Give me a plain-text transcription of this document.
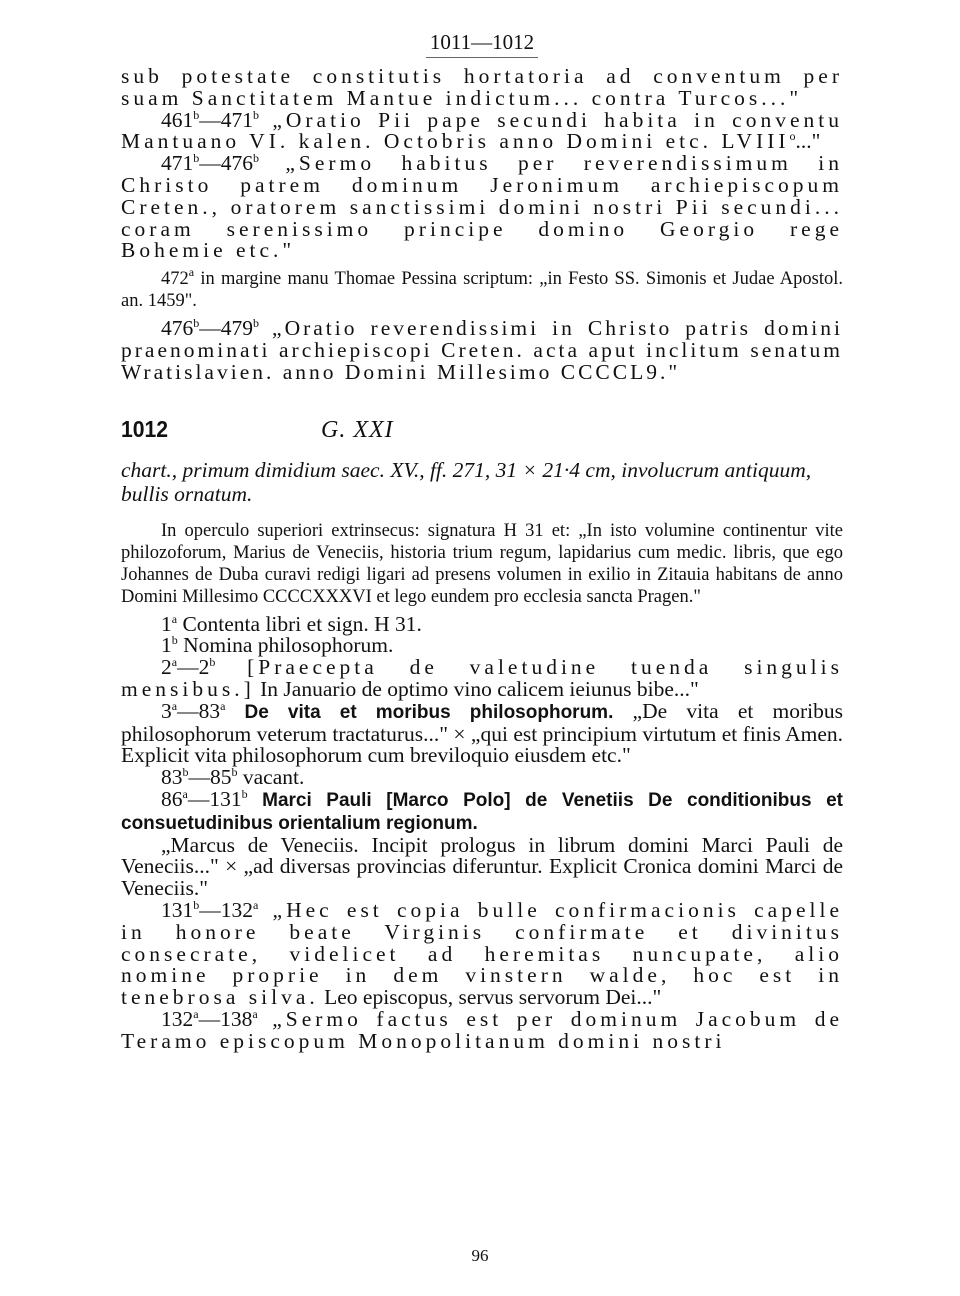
1011—1012

sub potestate constitutis hortatoria ad conventum per suam Sanctitatem Mantue indictum... contra Turcos..."

461$^b$—471$^b$ „Oratio Pii pape secundi habita in conventu Mantuano VI. kalen. Octobris anno Domini etc. LVIII$^o$..."

471$^b$—476$^b$ „Sermo habitus per reverendissimum in Christo patrem dominum Jeronimum archiepiscopum Creten., oratorem sanctissimi domini nostri Pii secundi... coram serenissimo principe domino Georgio rege Bohemie etc."

472$^a$ in margine manu Thomae Pessina scriptum: „in Festo SS. Simonis et Judae Apostol. an. 1459".

476$^b$—479$^b$ „Oratio reverendissimi in Christo patris domini praenominati archiepiscopi Creten. acta aput inclitum senatum Wratislavien. anno Domini Millesimo CCCCL9."

1012	G. XXI

chart., primum dimidium saec. XV., ff. 271, 31 × 21·4 cm, involucrum antiquum, bullis ornatum.

In operculo superiori extrinsecus: signatura H 31 et: „In isto volumine continentur vite philozoforum, Marius de Veneciis, historia trium regum, lapidarius cum medic. libris, que ego Johannes de Duba curavi redigi ligari ad presens volumen in exilio in Zitauia habitans de anno Domini Millesimo CCCCXXXVI et lego eundem pro ecclesia sancta Pragen."

1$^a$ Contenta libri et sign. H 31.

1$^b$ Nomina philosophorum.

2$^a$—2$^b$ [Praecepta de valetudine tuenda singulis mensibus.] In Januario de optimo vino calicem ieiunus bibe..."

3$^a$—83$^a$ De vita et moribus philosophorum. „De vita et moribus philosophorum veterum tractaturus..." × „qui est principium virtutum et finis Amen. Explicit vita philosophorum cum breviloquio eiusdem etc."

83$^b$—85$^b$ vacant.

86$^a$—131$^b$ Marci Pauli [Marco Polo] de Venetiis De conditionibus et consuetudinibus orientalium regionum.

„Marcus de Veneciis. Incipit prologus in librum domini Marci Pauli de Veneciis..." × „ad diversas provincias diferuntur. Explicit Cronica domini Marci de Veneciis."

131$^b$—132$^a$ „Hec est copia bulle confirmacionis capelle in honore beate Virginis confirmate et divinitus consecrate, videlicet ad heremitas nuncupate, alio nomine proprie in dem vinstern walde, hoc est in tenebrosa silva. Leo episcopus, servus servorum Dei..."

132$^a$—138$^a$ „Sermo factus est per dominum Jacobum de Teramo episcopum Monopolitanum domini nostri

96
